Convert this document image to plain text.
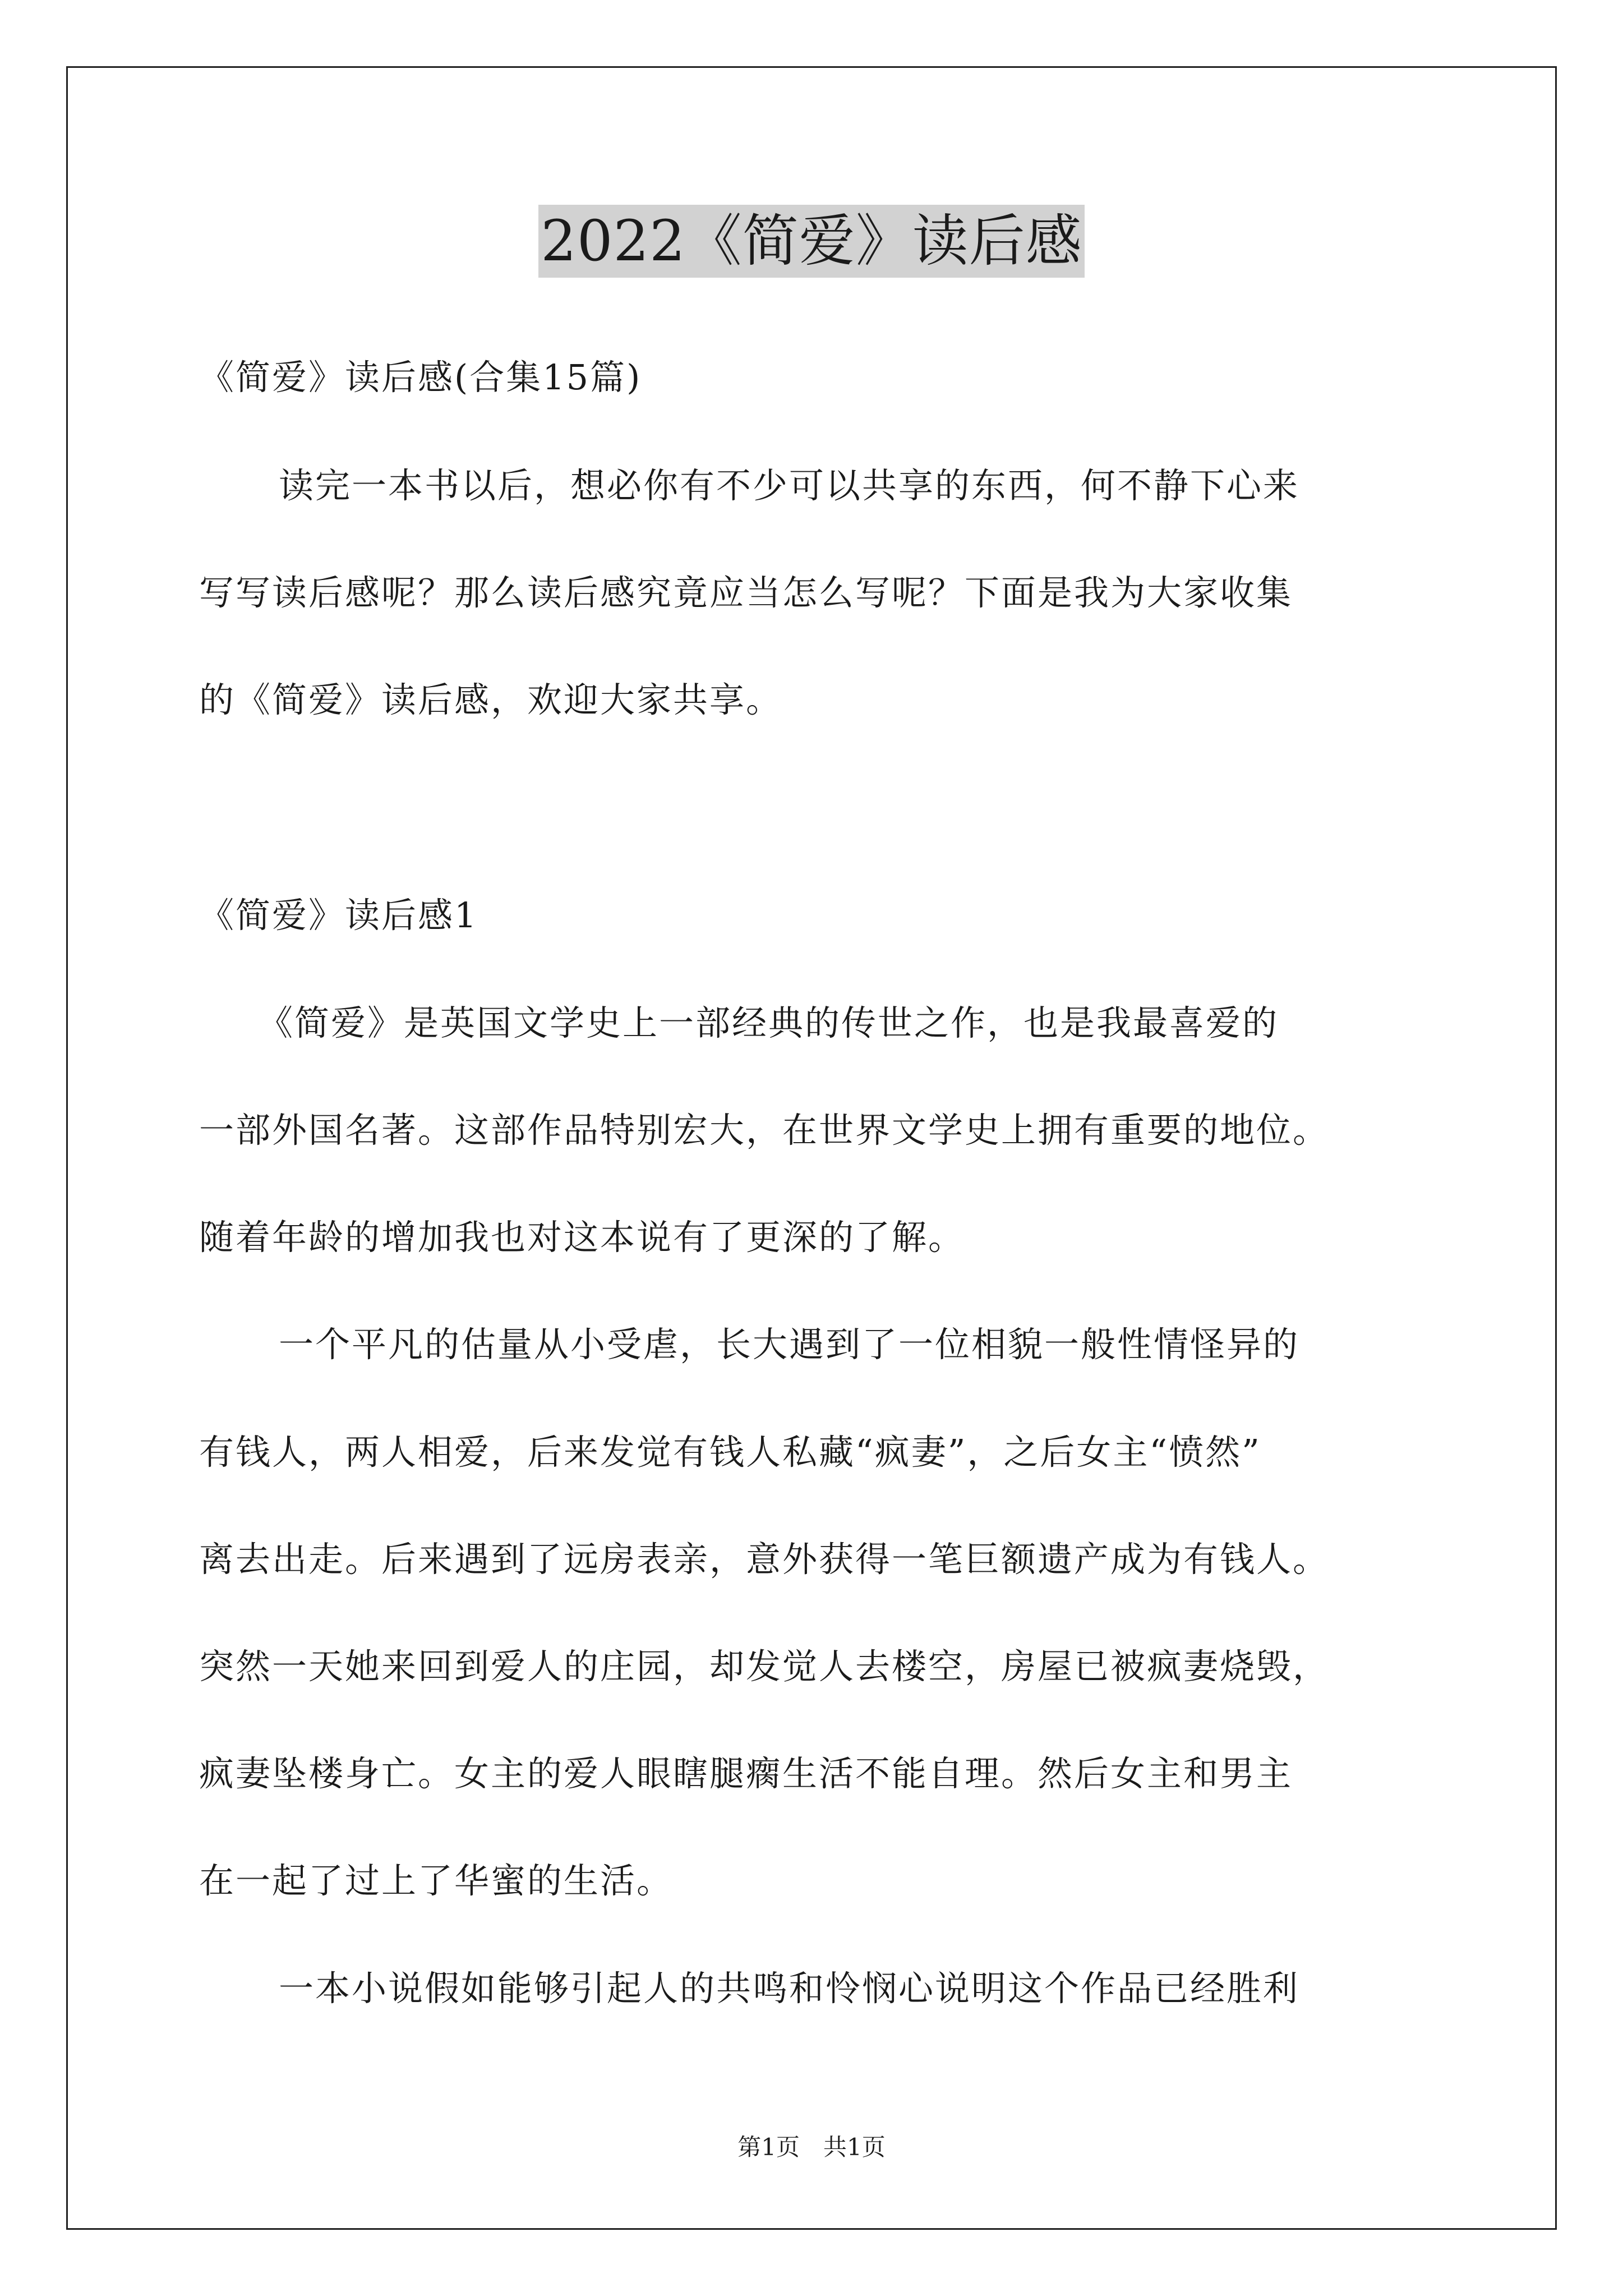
2022《简爱》读后感
《简爱》读后感(合集15篇)
读完一本书以后，想必你有不少可以共享的东西，何不静下心来
写写读后感呢？那么读后感究竟应当怎么写呢？下面是我为大家收集
的《简爱》读后感，欢迎大家共享。
《简爱》读后感1
《简爱》是英国文学史上一部经典的传世之作，也是我最喜爱的
一部外国名著。这部作品特别宏大，在世界文学史上拥有重要的地位。
随着年龄的增加我也对这本说有了更深的了解。
一个平凡的估量从小受虐，长大遇到了一位相貌一般性情怪异的
有钱人，两人相爱，后来发觉有钱人私藏“疯妻”，之后女主“愤然”
离去出走。后来遇到了远房表亲，意外获得一笔巨额遗产成为有钱人。
突然一天她来回到爱人的庄园，却发觉人去楼空，房屋已被疯妻烧毁，
疯妻坠楼身亡。女主的爱人眼瞎腿瘸生活不能自理。然后女主和男主
在一起了过上了华蜜的生活。
一本小说假如能够引起人的共鸣和怜悯心说明这个作品已经胜利
第1页　共1页
